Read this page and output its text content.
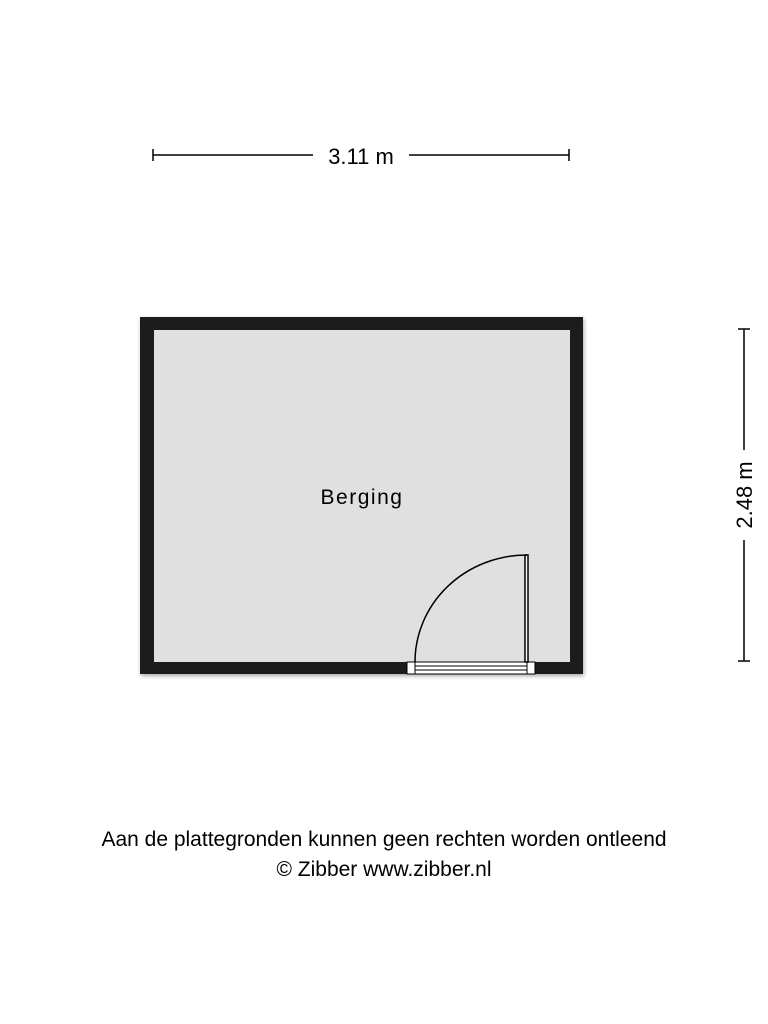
3.11 m
2.48 m
Berging
Aan de plattegronden kunnen geen rechten worden ontleend
© Zibber www.zibber.nl
